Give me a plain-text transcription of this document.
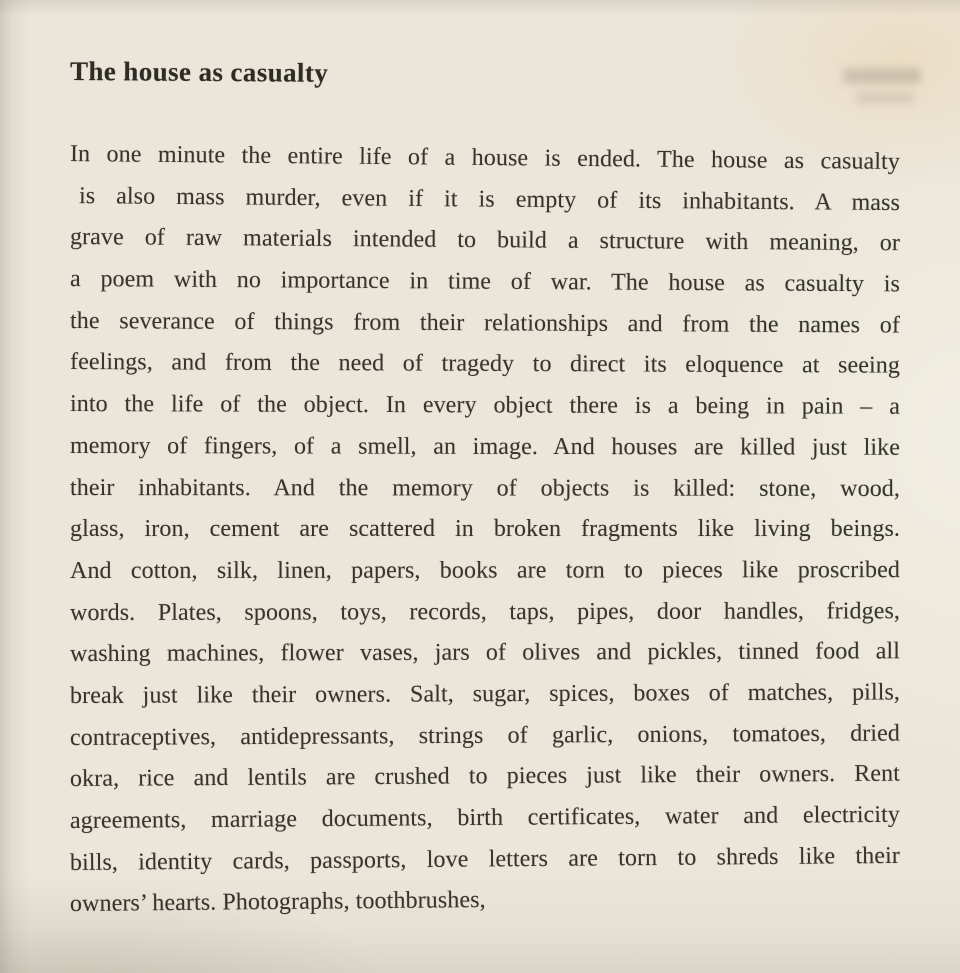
The house as casualty
In one minute the entire life of a house is ended. The house as casualty
is also mass murder, even if it is empty of its inhabitants. A mass
grave of raw materials intended to build a structure with meaning, or
a poem with no importance in time of war. The house as casualty is
the severance of things from their relationships and from the names of
feelings, and from the need of tragedy to direct its eloquence at seeing
into the life of the object. In every object there is a being in pain – a
memory of fingers, of a smell, an image. And houses are killed just like
their inhabitants. And the memory of objects is killed: stone, wood,
glass, iron, cement are scattered in broken fragments like living beings.
And cotton, silk, linen, papers, books are torn to pieces like proscribed
words. Plates, spoons, toys, records, taps, pipes, door handles, fridges,
washing machines, flower vases, jars of olives and pickles, tinned food all
break just like their owners. Salt, sugar, spices, boxes of matches, pills,
contraceptives, antidepressants, strings of garlic, onions, tomatoes, dried
okra, rice and lentils are crushed to pieces just like their owners. Rent
agreements, marriage documents, birth certificates, water and electricity
bills, identity cards, passports, love letters are torn to shreds like their
owners’ hearts. Photographs, toothbrushes,
